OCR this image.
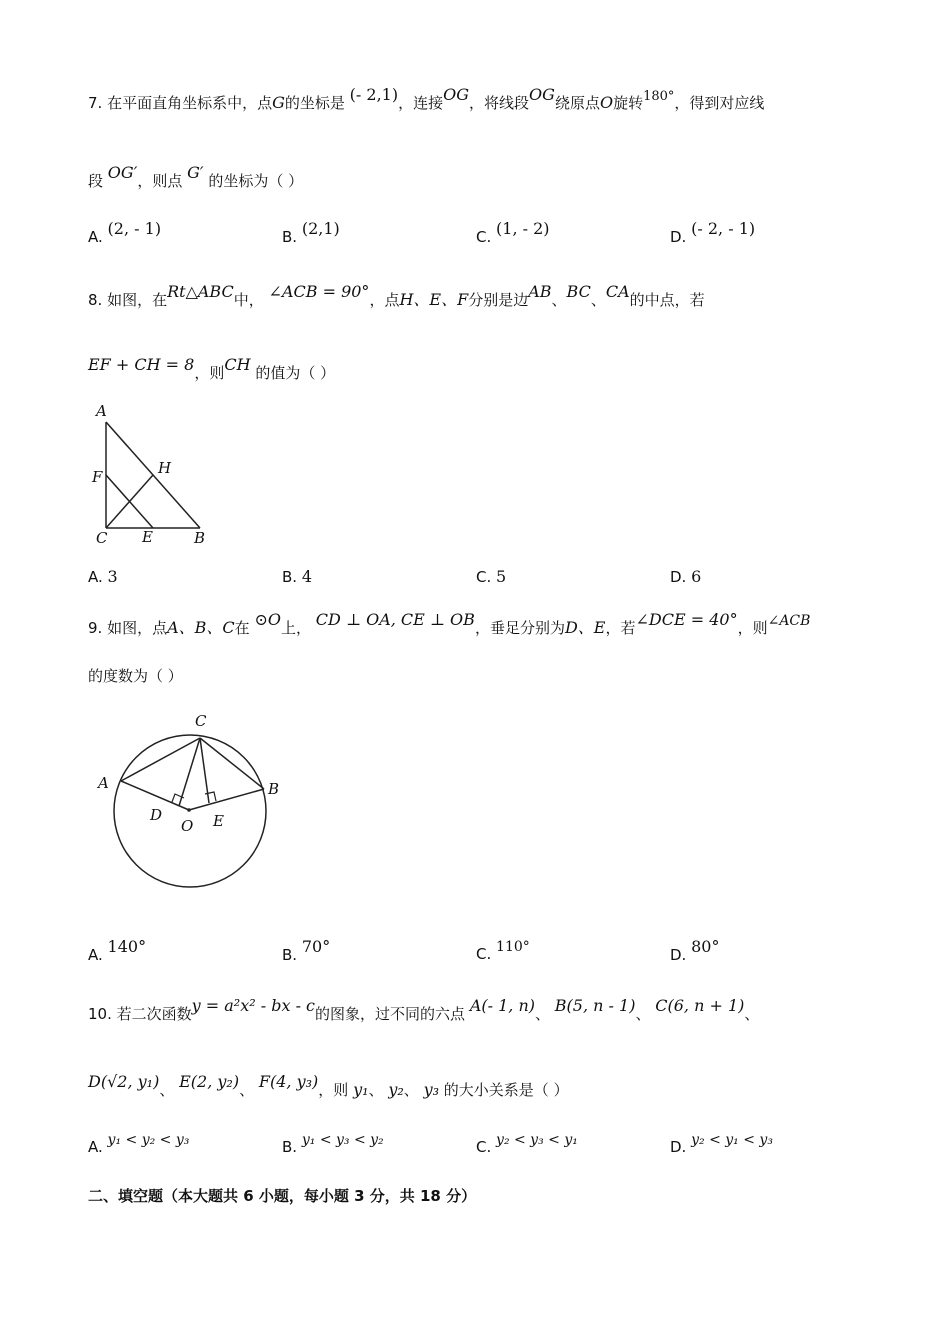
7. 在平面直角坐标系中，点G的坐标是 (- 2,1)，连接OG，将线段OG绕原点O旋转180°，得到对应线
段 OG′，则点 G′ 的坐标为（ ）
A. (2, - 1)	B. (2,1)	C. (1, - 2)	D. (- 2, - 1)
8. 如图，在Rt△ABC中， ∠ACB = 90°，点H、E、F分别是边AB、BC、CA的中点，若
EF + CH = 8，则CH 的值为（ ）
A
F	H
C E	B
A. 3	B. 4	C. 5	D. 6
9. 如图，点A、B、C在 ⊙O上， CD ⊥ OA, CE ⊥ OB，垂足分别为D、E，若∠DCE = 40°，则∠ACB
的度数为（ ）
C
A	B
D
O E
A. 140°	B. 70°	C. 110°	D. 80°
10. 若二次函数y = a²x² - bx - c的图象，过不同的六点 A(- 1, n)、 B(5, n - 1)、 C(6, n + 1)、
D(√2, y₁)、 E(2, y₂)、 F(4, y₃)，则 y₁、 y₂、 y₃ 的大小关系是（ ）
A. y₁ < y₂ < y₃	B. y₁ < y₃ < y₂	C. y₂ < y₃ < y₁	D. y₂ < y₁ < y₃
二、填空题（本大题共 6 小题，每小题 3 分，共 18 分）
